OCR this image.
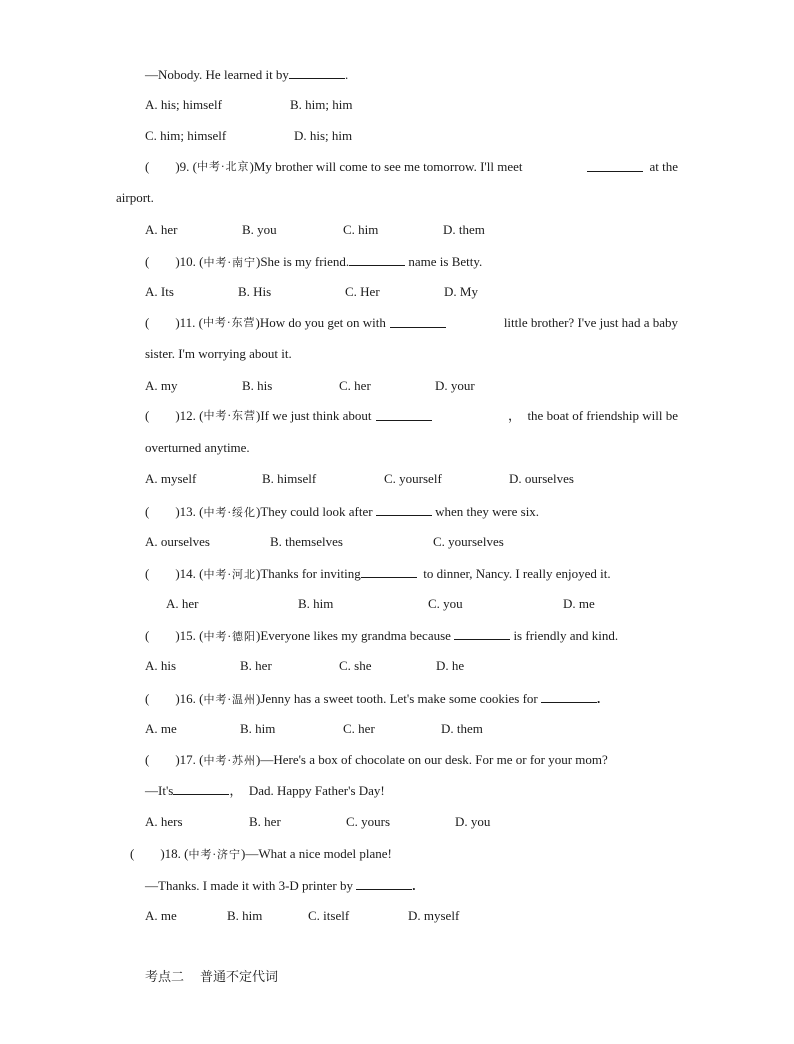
—Nobody. He learned it by	.
A. his; himself	B. him; him
C. him; himself	D. his; him
(　　)9. ( 中考·北京 )My brother will come to see me tomorrow. I'll meet	at the
airport.
A. her	B. you	C. him	D. them
(　　)10. (中考·南宁)She is my friend.	name is Betty.
A. Its	B. His	C. Her	D. My
(　　)11. ( 中考·东营 )How do you get on with	little brother? I've just had a baby
sister. I'm worrying about it.
A. my	B. his	C. her	D. your
(　　)12. ( 中考·东营 )If we just think about	，  the boat of friendship will be
overturned anytime.
A. myself	B. himself	C. yourself	D. ourselves
(　　)13. (中考·绥化)They could look after	when they were six.
A. ourselves	B. themselves	C. yourselves
(　　)14. (中考·河北)Thanks for inviting	to dinner, Nancy. I really enjoyed it.
A. her	B. him	C. you	D. me
(　　)15. (中考·德阳)Everyone likes my grandma because	is friendly and kind.
A. his	B. her	C. she	D. he
(　　)16. (中考·温州)Jenny has a sweet tooth. Let's make some cookies for	.
A. me	B. him	C. her	D. them
(　　)17. (中考·苏州)—Here's a box of chocolate on our desk. For me or for your mom?
—It's	，  Dad. Happy Father's Day!
A. hers	B. her	C. yours	D. you
(　　)18. (中考·济宁)—What a nice model plane!
—Thanks. I made it with 3-D printer by	.
A. me	B. him	C. itself	D. myself
考点二 普通不定代词
